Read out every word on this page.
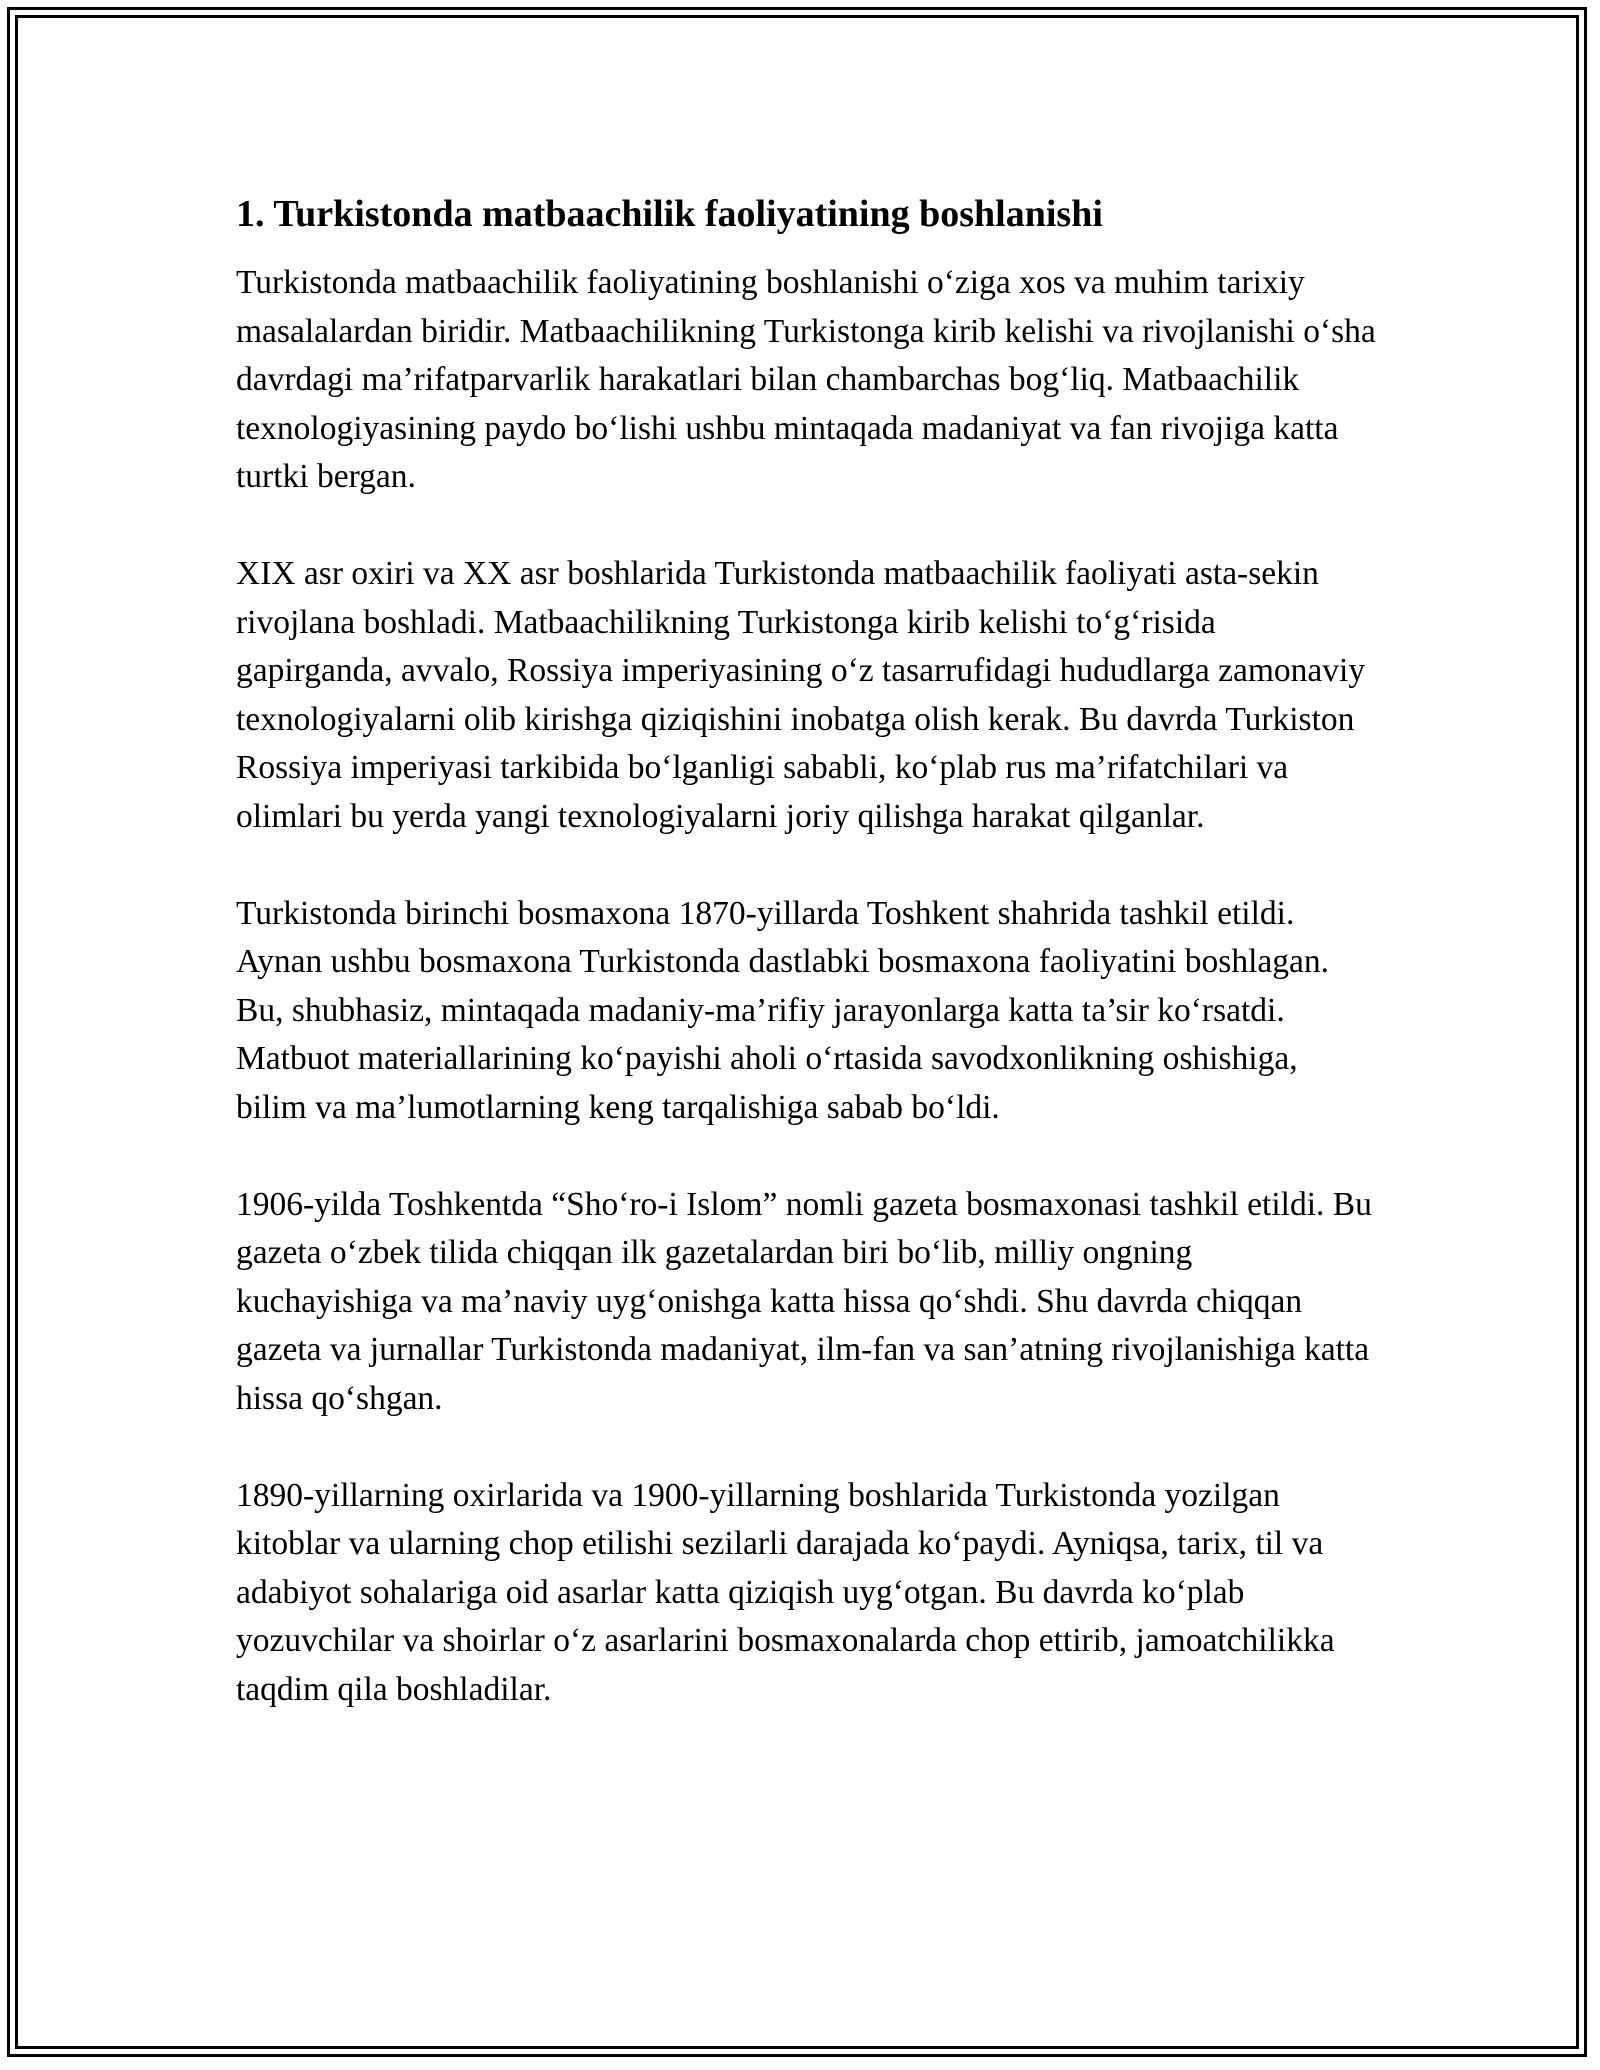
1. Turkistonda matbaachilik faoliyatining boshlanishi

Turkistonda matbaachilik faoliyatining boshlanishi o‘ziga xos va muhim tarixiy masalalardan biridir. Matbaachilikning Turkistonga kirib kelishi va rivojlanishi o‘sha davrdagi ma’rifatparvarlik harakatlari bilan chambarchas bog‘liq. Matbaachilik texnologiyasining paydo bo‘lishi ushbu mintaqada madaniyat va fan rivojiga katta turtki bergan.

XIX asr oxiri va XX asr boshlarida Turkistonda matbaachilik faoliyati asta-sekin rivojlana boshladi. Matbaachilikning Turkistonga kirib kelishi to‘g‘risida gapirganda, avvalo, Rossiya imperiyasining o‘z tasarrufidagi hududlarga zamonaviy texnologiyalarni olib kirishga qiziqishini inobatga olish kerak. Bu davrda Turkiston Rossiya imperiyasi tarkibida bo‘lganligi sababli, ko‘plab rus ma’rifatchilari va olimlari bu yerda yangi texnologiyalarni joriy qilishga harakat qilganlar.

Turkistonda birinchi bosmaxona 1870-yillarda Toshkent shahrida tashkil etildi. Aynan ushbu bosmaxona Turkistonda dastlabki bosmaxona faoliyatini boshlagan. Bu, shubhasiz, mintaqada madaniy-ma’rifiy jarayonlarga katta ta’sir ko‘rsatdi. Matbuot materiallarining ko‘payishi aholi o‘rtasida savodxonlikning oshishiga, bilim va ma’lumotlarning keng tarqalishiga sabab bo‘ldi.

1906-yilda Toshkentda “Sho‘ro-i Islom” nomli gazeta bosmaxonasi tashkil etildi. Bu gazeta o‘zbek tilida chiqqan ilk gazetalardan biri bo‘lib, milliy ongning kuchayishiga va ma’naviy uyg‘onishga katta hissa qo‘shdi. Shu davrda chiqqan gazeta va jurnallar Turkistonda madaniyat, ilm-fan va san’atning rivojlanishiga katta hissa qo‘shgan.

1890-yillarning oxirlarida va 1900-yillarning boshlarida Turkistonda yozilgan kitoblar va ularning chop etilishi sezilarli darajada ko‘paydi. Ayniqsa, tarix, til va adabiyot sohalariga oid asarlar katta qiziqish uyg‘otgan. Bu davrda ko‘plab yozuvchilar va shoirlar o‘z asarlarini bosmaxonalarda chop ettirib, jamoatchilikka taqdim qila boshladilar.
